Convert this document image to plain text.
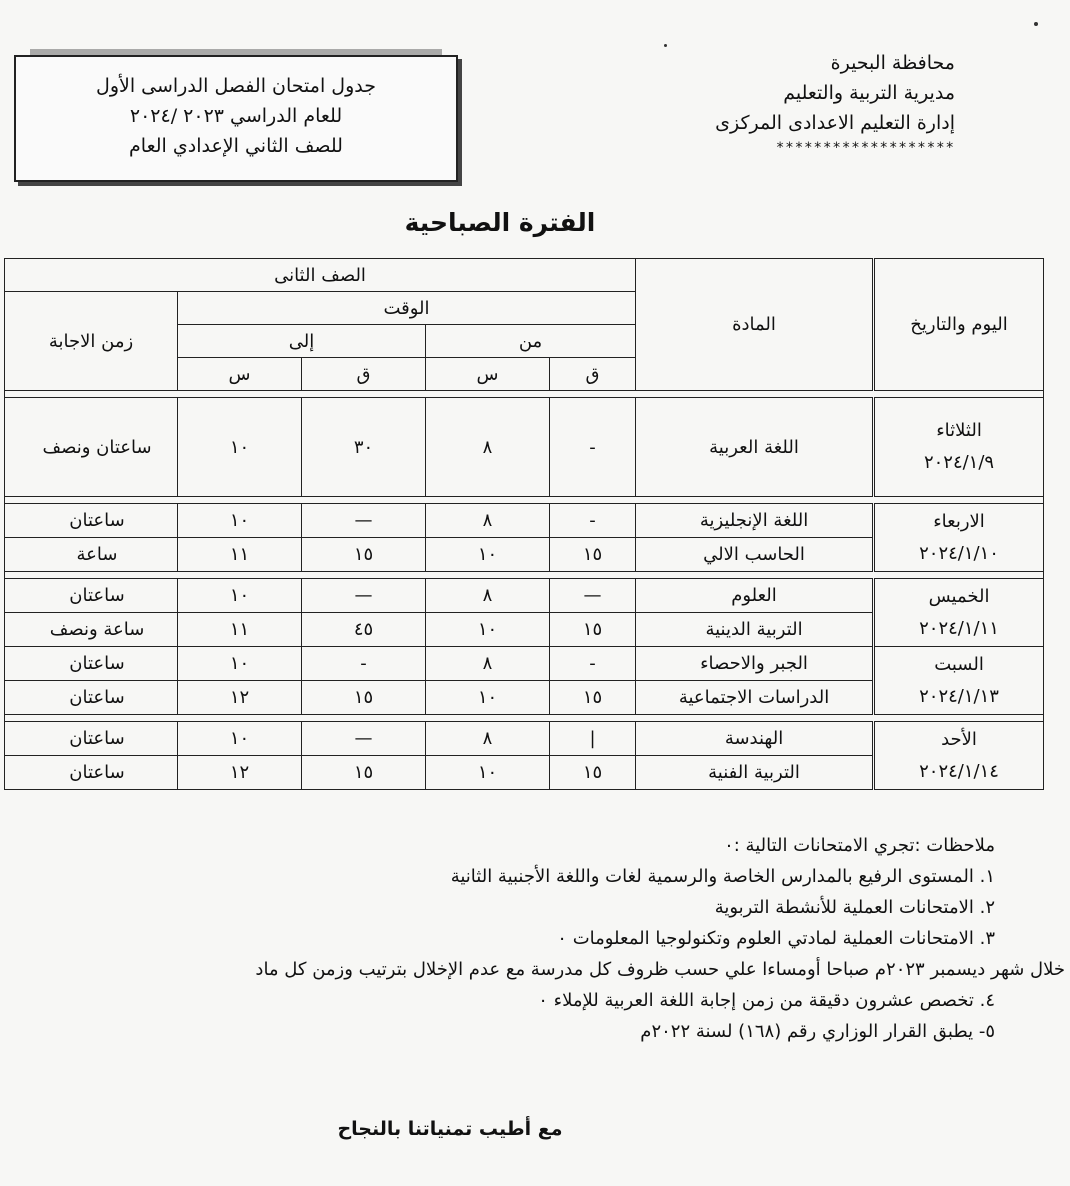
محافظة البحيرة
مديرية التربية والتعليم
إدارة التعليم الاعدادى المركزى
*******************
جدول امتحان الفصل الدراسى الأول
للعام الدراسي ٢٠٢٣ /٢٠٢٤
للصف الثاني الإعدادي العام
الفترة الصباحية
اليوم والتاريخ	المادة	الصف الثانى				
		الوقت				زمن الاجابة
		من		إلى		
		ق	س	ق	س	

الثلاثاء
٢٠٢٤/١/٩	اللغة العربية	-	٨	٣٠	١٠	ساعتان ونصف

الاربعاء
٢٠٢٤/١/١٠	اللغة الإنجليزية	-	٨	—	١٠	ساعتان
	الحاسب الالي	١٥	١٠	١٥	١١	ساعة

الخميس
٢٠٢٤/١/١١	العلوم	—	٨	—	١٠	ساعتان
	التربية الدينية	١٥	١٠	٤٥	١١	ساعة ونصف

السبت
٢٠٢٤/١/١٣	الجبر والاحصاء	-	٨	-	١٠	ساعتان
	الدراسات الاجتماعية	١٥	١٠	١٥	١٢	ساعتان

الأحد
٢٠٢٤/١/١٤	الهندسة	|	٨	—	١٠	ساعتان
	التربية الفنية	١٥	١٠	١٥	١٢	ساعتان
ملاحظات :تجري الامتحانات التالية :٠
١. المستوى الرفيع بالمدارس الخاصة والرسمية لغات واللغة الأجنبية الثانية
٢. الامتحانات العملية للأنشطة التربوية
٣. الامتحانات العملية لمادتي العلوم وتكنولوجيا المعلومات ٠
خلال شهر ديسمبر ٢٠٢٣م صباحا أومساءا علي حسب ظروف كل مدرسة مع عدم الإخلال بترتيب وزمن كل ماد
٤. تخصص عشرون دقيقة من زمن إجابة اللغة العربية للإملاء ٠
٥- يطبق القرار الوزاري رقم (١٦٨) لسنة ٢٠٢٢م
مع أطيب تمنياتنا بالنجاح
